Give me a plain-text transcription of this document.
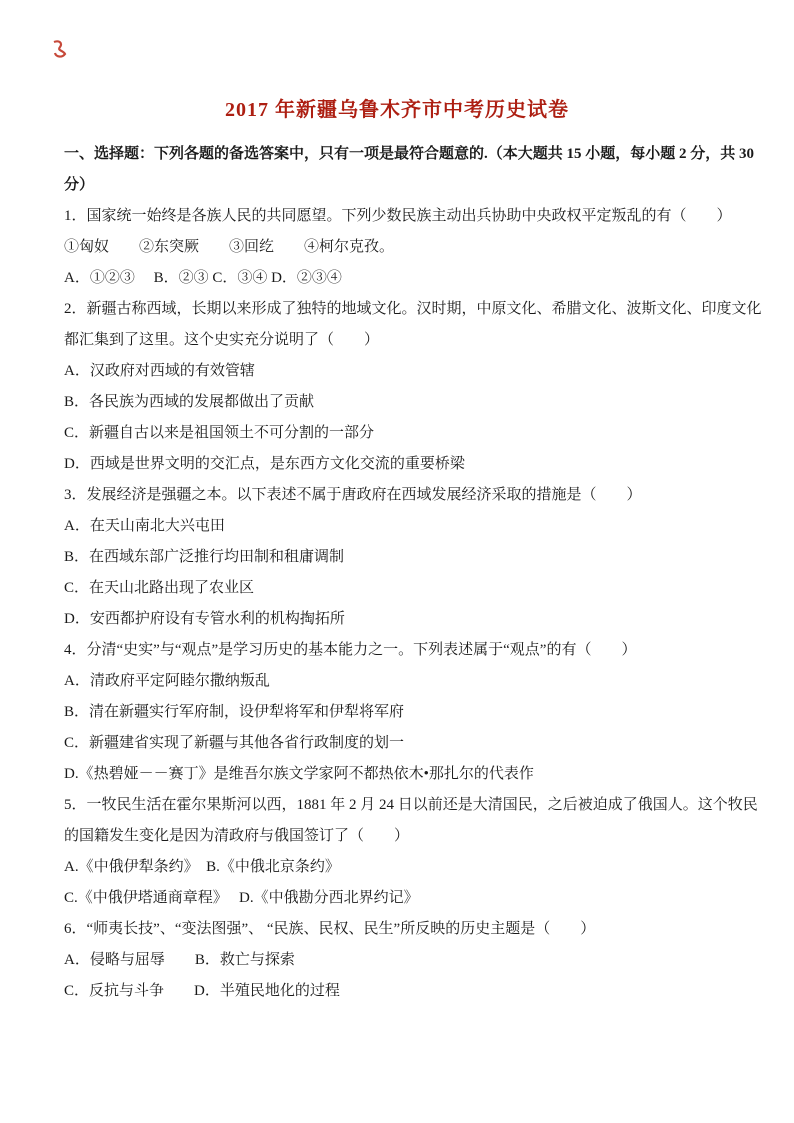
2017 年新疆乌鲁木齐市中考历史试卷

一、选择题：下列各题的备选答案中，只有一项是最符合题意的.（本大题共 15 小题，每小题 2 分，共 30

分）

1．国家统一始终是各族人民的共同愿望。下列少数民族主动出兵协助中央政权平定叛乱的有（　　）

①匈奴　　②东突厥　　③回纥　　④柯尔克孜。

A．①②③　 B．②③ C．③④ D．②③④

2．新疆古称西域，长期以来形成了独特的地域文化。汉时期，中原文化、希腊文化、波斯文化、印度文化

都汇集到了这里。这个史实充分说明了（　　）

A．汉政府对西域的有效管辖

B．各民族为西域的发展都做出了贡献

C．新疆自古以来是祖国领土不可分割的一部分

D．西域是世界文明的交汇点，是东西方文化交流的重要桥梁

3．发展经济是强疆之本。以下表述不属于唐政府在西域发展经济采取的措施是（　　）

A．在天山南北大兴屯田

B．在西域东部广泛推行均田制和租庸调制

C．在天山北路出现了农业区

D．安西都护府设有专管水利的机构掏拓所

4．分清“史实”与“观点”是学习历史的基本能力之一。下列表述属于“观点”的有（　　）

A．清政府平定阿睦尔撒纳叛乱

B．清在新疆实行军府制，设伊犁将军和伊犁将军府

C．新疆建省实现了新疆与其他各省行政制度的划一

D.《热碧娅－－赛丁》是维吾尔族文学家阿不都热依木•那扎尔的代表作

5．一牧民生活在霍尔果斯河以西，1881 年 2 月 24 日以前还是大清国民，之后被迫成了俄国人。这个牧民

的国籍发生变化是因为清政府与俄国签订了（　　）

A.《中俄伊犁条约》　B.《中俄北京条约》

C.《中俄伊塔通商章程》　 D.《中俄勘分西北界约记》

6．“师夷长技”、“变法图强”、 “民族、民权、民生”所反映的历史主题是（　　）

A．侵略与屈辱　　B．救亡与探索

C．反抗与斗争　　D．半殖民地化的过程
